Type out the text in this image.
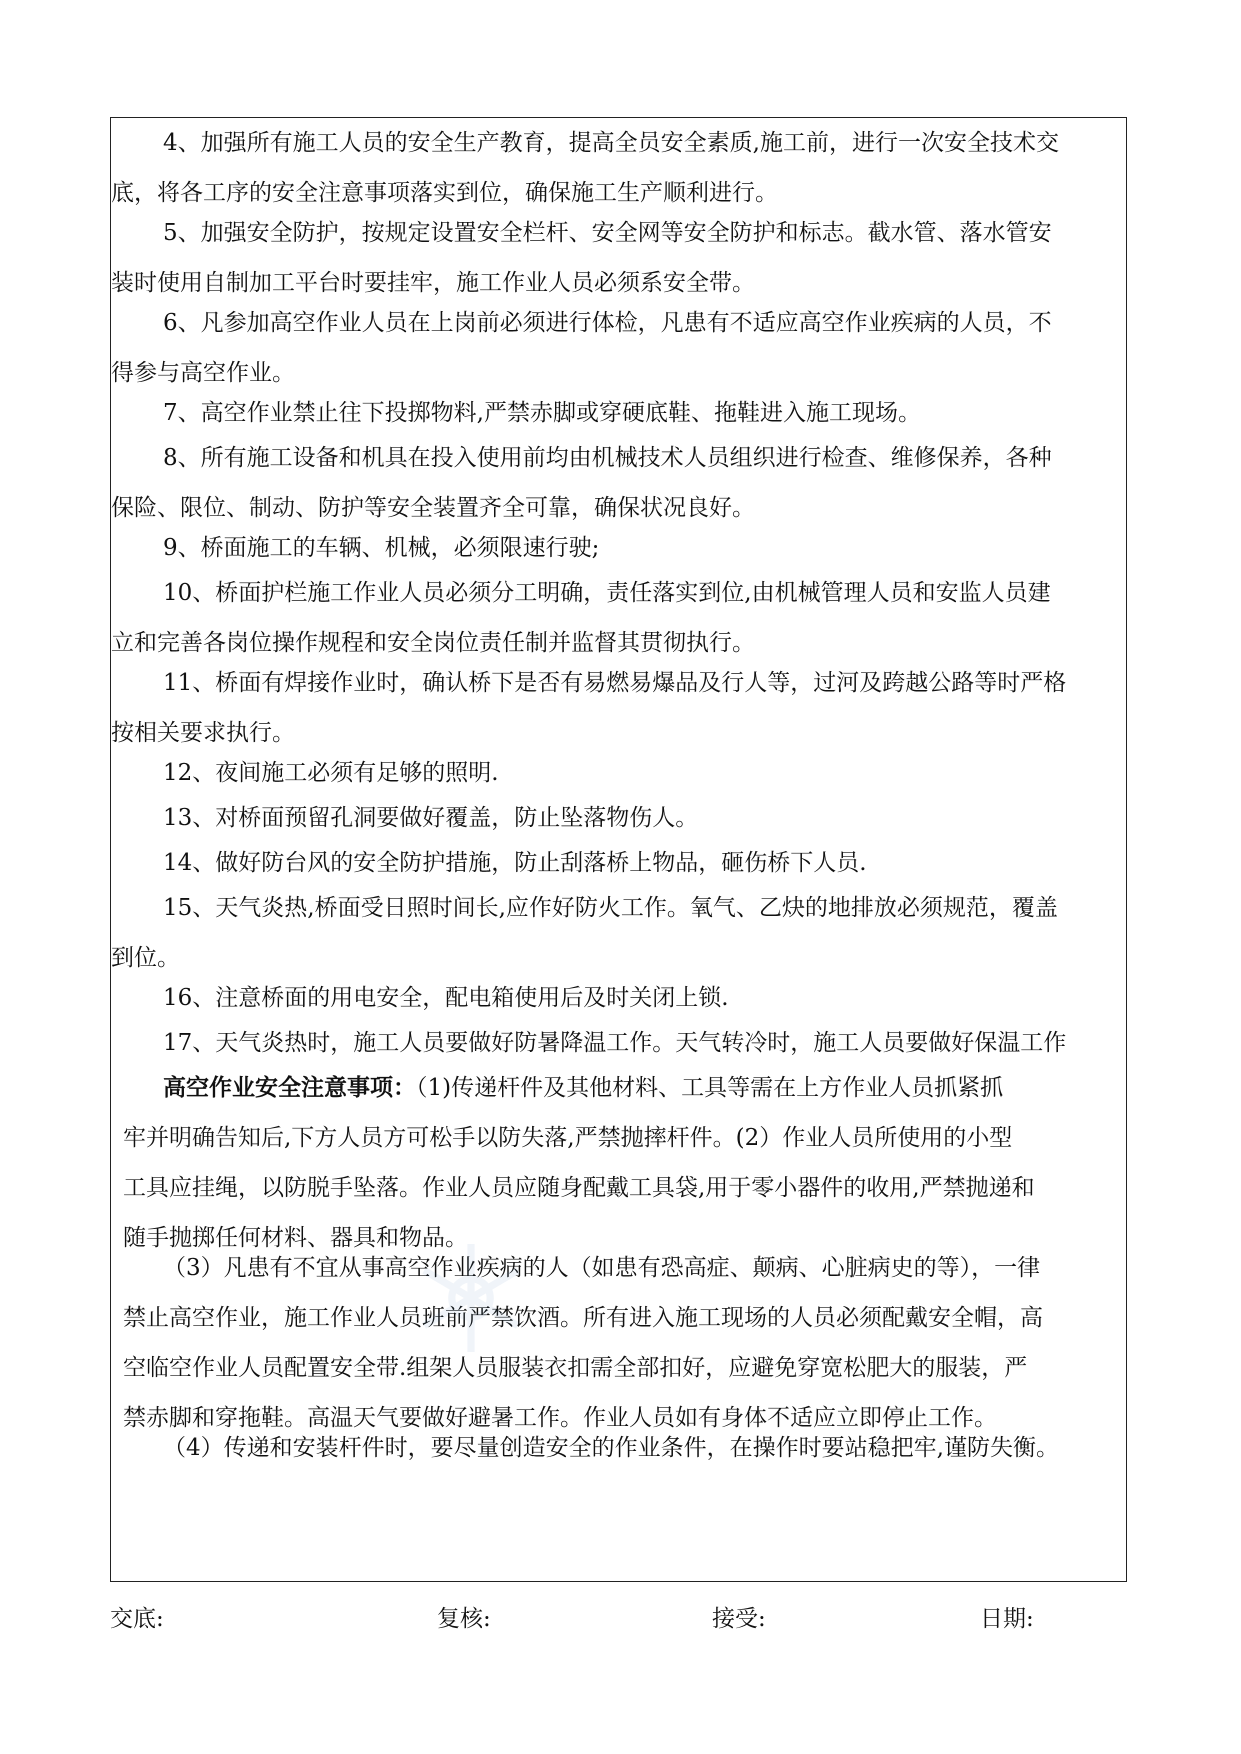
4、加强所有施工人员的安全生产教育，提高全员安全素质,施工前，进行一次安全技术交
底，将各工序的安全注意事项落实到位，确保施工生产顺利进行。
5、加强安全防护，按规定设置安全栏杆、安全网等安全防护和标志。截水管、落水管安
装时使用自制加工平台时要挂牢，施工作业人员必须系安全带。
6、凡参加高空作业人员在上岗前必须进行体检，凡患有不适应高空作业疾病的人员，不
得参与高空作业。
7、高空作业禁止往下投掷物料,严禁赤脚或穿硬底鞋、拖鞋进入施工现场。
8、所有施工设备和机具在投入使用前均由机械技术人员组织进行检查、维修保养，各种
保险、限位、制动、防护等安全装置齐全可靠，确保状况良好。
9、桥面施工的车辆、机械，必须限速行驶;
10、桥面护栏施工作业人员必须分工明确，责任落实到位,由机械管理人员和安监人员建
立和完善各岗位操作规程和安全岗位责任制并监督其贯彻执行。
11、桥面有焊接作业时，确认桥下是否有易燃易爆品及行人等，过河及跨越公路等时严格
按相关要求执行。
12、夜间施工必须有足够的照明.
13、对桥面预留孔洞要做好覆盖，防止坠落物伤人。
14、做好防台风的安全防护措施，防止刮落桥上物品，砸伤桥下人员.
15、天气炎热,桥面受日照时间长,应作好防火工作。氧气、乙炔的地排放必须规范，覆盖
到位。
16、注意桥面的用电安全，配电箱使用后及时关闭上锁.
17、天气炎热时，施工人员要做好防暑降温工作。天气转冷时，施工人员要做好保温工作
高空作业安全注意事项：（1)传递杆件及其他材料、工具等需在上方作业人员抓紧抓
牢并明确告知后,下方人员方可松手以防失落,严禁抛摔杆件。(2）作业人员所使用的小型
工具应挂绳，以防脱手坠落。作业人员应随身配戴工具袋,用于零小器件的收用,严禁抛递和
随手抛掷任何材料、器具和物品。
（3）凡患有不宜从事高空作业疾病的人（如患有恐高症、颠病、心脏病史的等），一律
禁止高空作业，施工作业人员班前严禁饮酒。所有进入施工现场的人员必须配戴安全帽，高
空临空作业人员配置安全带.组架人员服装衣扣需全部扣好，应避免穿宽松肥大的服装，严
禁赤脚和穿拖鞋。高温天气要做好避暑工作。作业人员如有身体不适应立即停止工作。
（4）传递和安装杆件时，要尽量创造安全的作业条件，在操作时要站稳把牢,谨防失衡。
交底:	复核:	接受:	日期:
